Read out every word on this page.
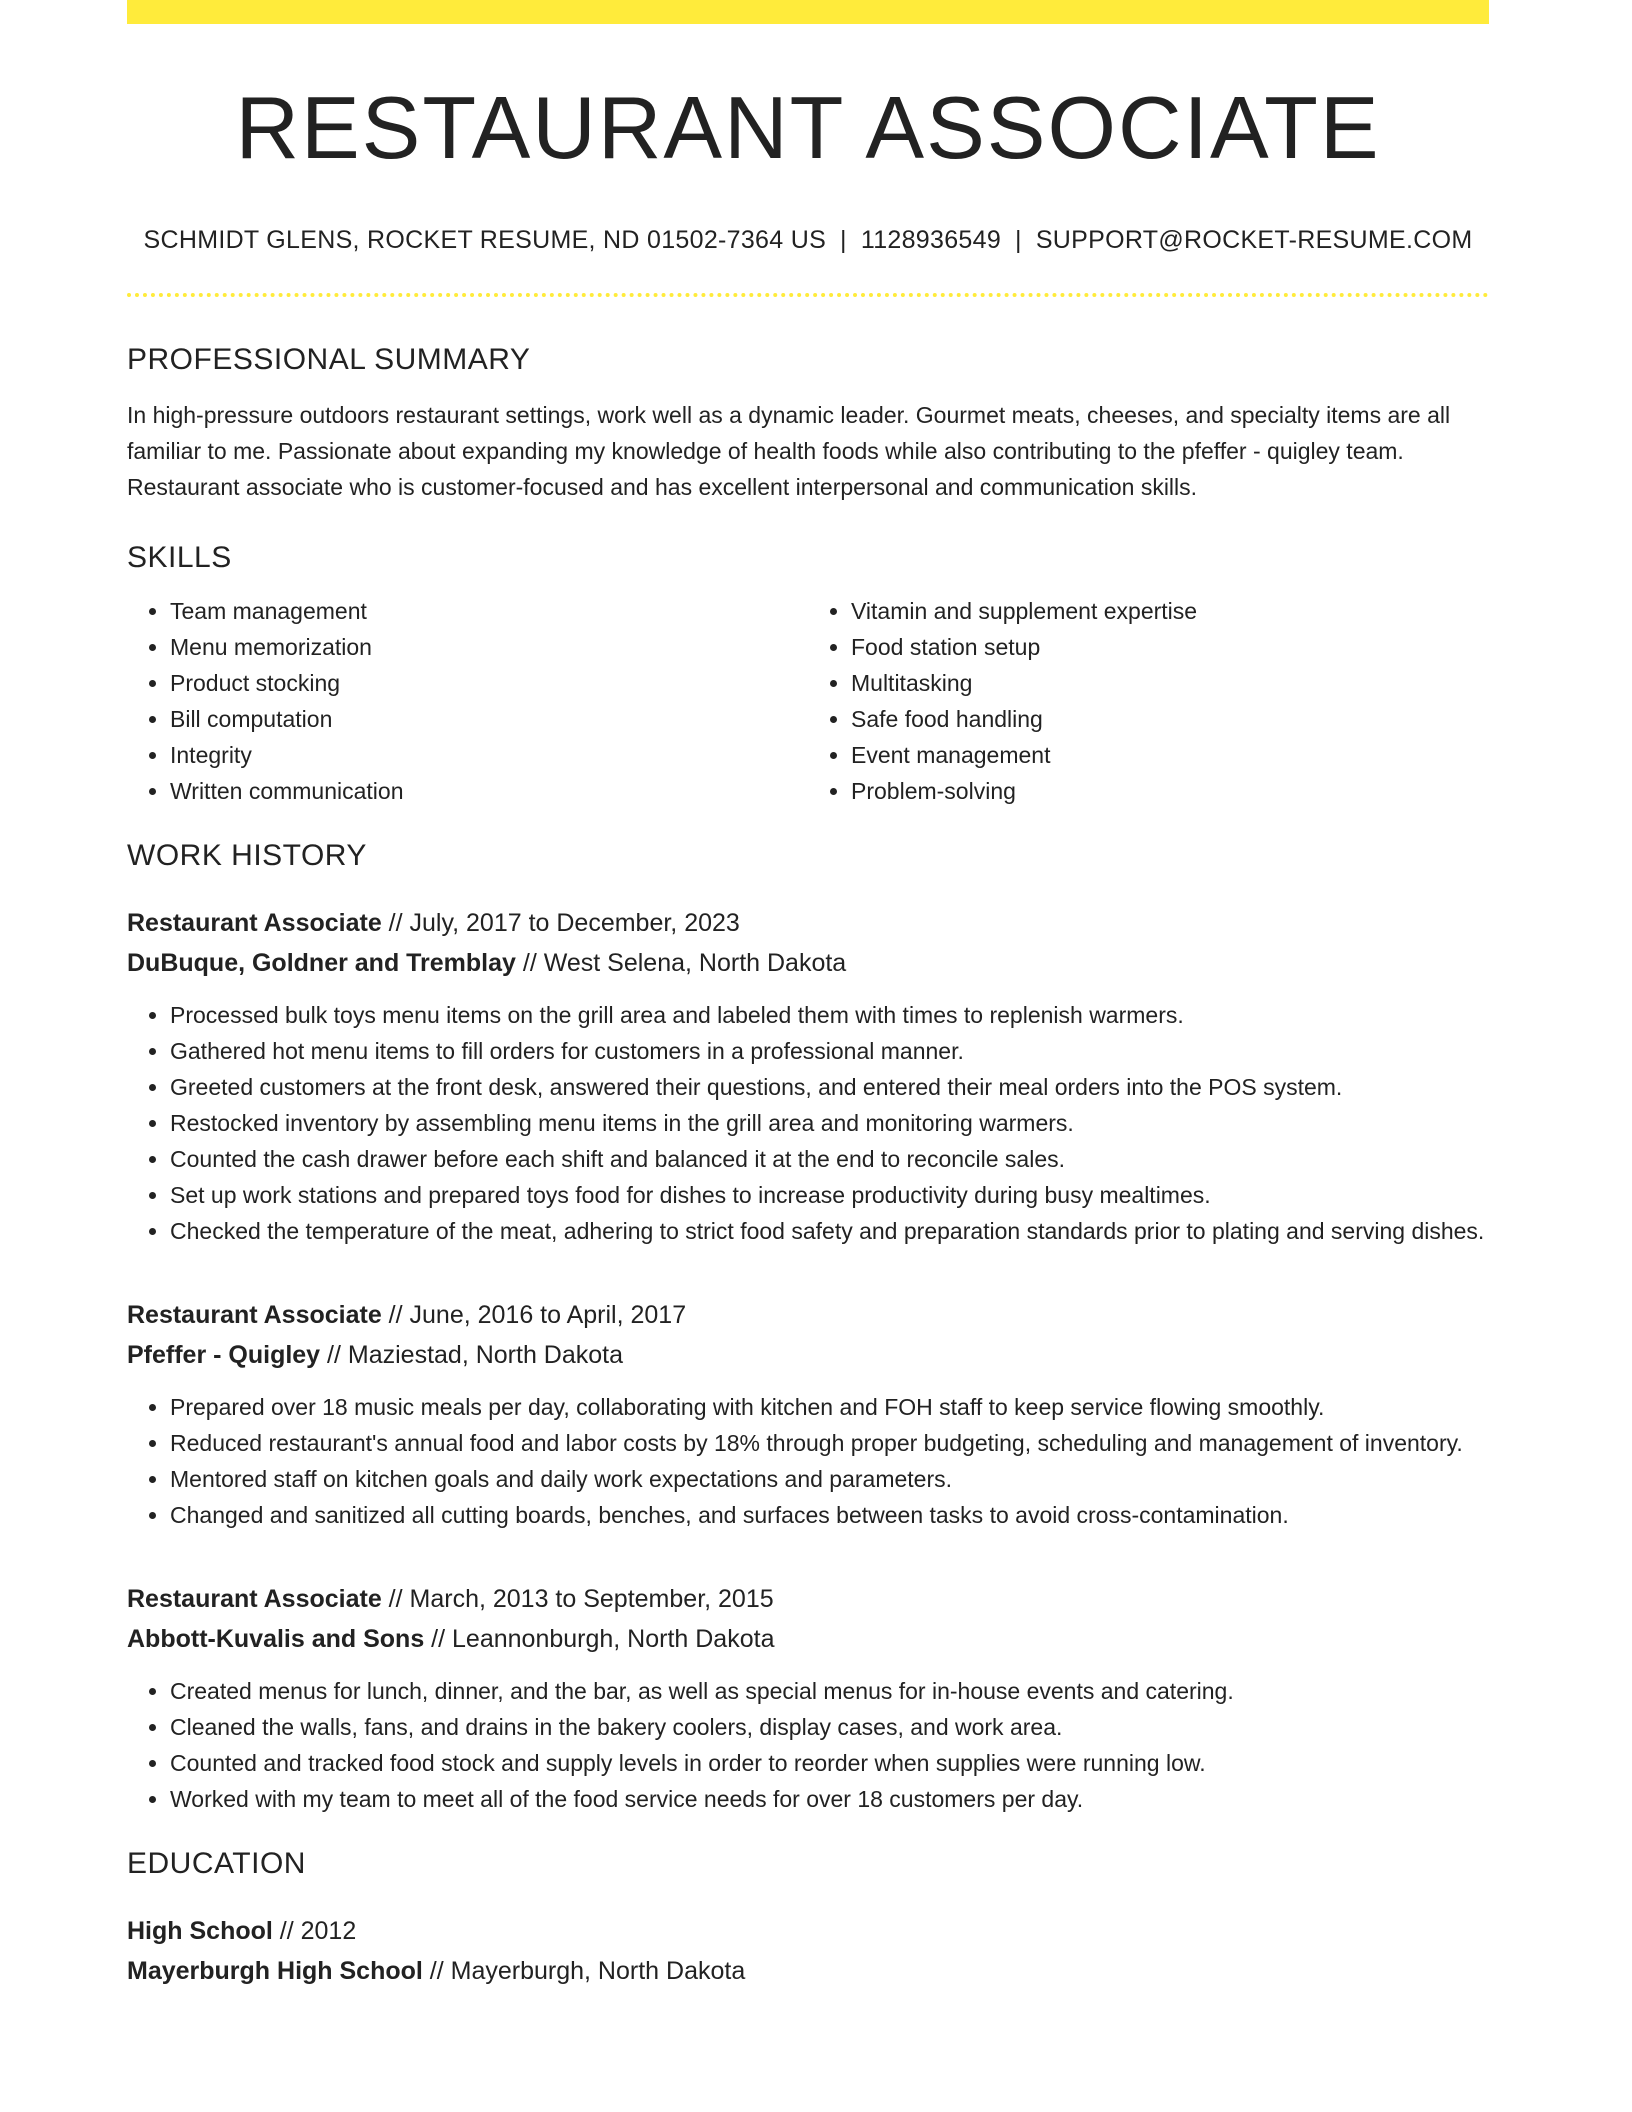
RESTAURANT ASSOCIATE
SCHMIDT GLENS, ROCKET RESUME, ND 01502-7364 US | 1128936549 | SUPPORT@ROCKET-RESUME.COM
PROFESSIONAL SUMMARY
In high-pressure outdoors restaurant settings, work well as a dynamic leader. Gourmet meats, cheeses, and specialty items are all familiar to me. Passionate about expanding my knowledge of health foods while also contributing to the pfeffer - quigley team. Restaurant associate who is customer-focused and has excellent interpersonal and communication skills.
SKILLS
• Team management
• Menu memorization
• Product stocking
• Bill computation
• Integrity
• Written communication
• Vitamin and supplement expertise
• Food station setup
• Multitasking
• Safe food handling
• Event management
• Problem-solving
WORK HISTORY
Restaurant Associate // July, 2017 to December, 2023
DuBuque, Goldner and Tremblay // West Selena, North Dakota
• Processed bulk toys menu items on the grill area and labeled them with times to replenish warmers.
• Gathered hot menu items to fill orders for customers in a professional manner.
• Greeted customers at the front desk, answered their questions, and entered their meal orders into the POS system.
• Restocked inventory by assembling menu items in the grill area and monitoring warmers.
• Counted the cash drawer before each shift and balanced it at the end to reconcile sales.
• Set up work stations and prepared toys food for dishes to increase productivity during busy mealtimes.
• Checked the temperature of the meat, adhering to strict food safety and preparation standards prior to plating and serving dishes.
Restaurant Associate // June, 2016 to April, 2017
Pfeffer - Quigley // Maziestad, North Dakota
• Prepared over 18 music meals per day, collaborating with kitchen and FOH staff to keep service flowing smoothly.
• Reduced restaurant's annual food and labor costs by 18% through proper budgeting, scheduling and management of inventory.
• Mentored staff on kitchen goals and daily work expectations and parameters.
• Changed and sanitized all cutting boards, benches, and surfaces between tasks to avoid cross-contamination.
Restaurant Associate // March, 2013 to September, 2015
Abbott-Kuvalis and Sons // Leannonburgh, North Dakota
• Created menus for lunch, dinner, and the bar, as well as special menus for in-house events and catering.
• Cleaned the walls, fans, and drains in the bakery coolers, display cases, and work area.
• Counted and tracked food stock and supply levels in order to reorder when supplies were running low.
• Worked with my team to meet all of the food service needs for over 18 customers per day.
EDUCATION
High School // 2012
Mayerburgh High School // Mayerburgh, North Dakota
